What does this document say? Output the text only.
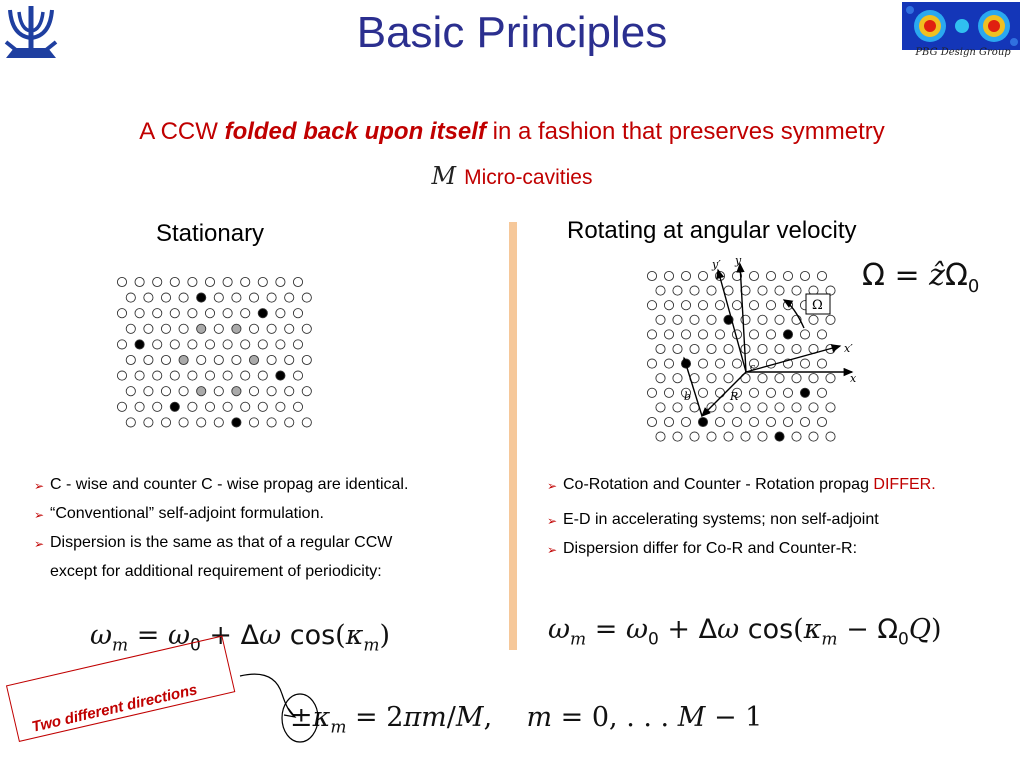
PBG Design Group
Basic Principles
A CCW folded back upon itself in a fashion that preserves symmetry
M Micro-cavities
Stationary	Rotating at angular velocity
Ω = ẑΩ$_0$
Ω
y′ y
x′
x
b	R
c
➢ C - wise and counter C - wise propag are identical.
➢ “Conventional” self-adjoint formulation.
➢ Dispersion is the same as that of a regular CCW
except for additional requirement of periodicity:
➢ Co-Rotation and Counter - Rotation propag DIFFER.
➢ E-D in accelerating systems; non self-adjoint
➢ Dispersion differ for Co-R and Counter-R:
$\omega_m = \omega_0 + \Delta\omega$ $\cos(\kappa_m)$	$\omega_m = \omega_0 + \Delta\omega$ $\cos(\kappa_m - \Omega_0Q)$
$\pm\kappa_m = 2\pi m/M$,    m = 0, . . . M − 1
Two different directions
